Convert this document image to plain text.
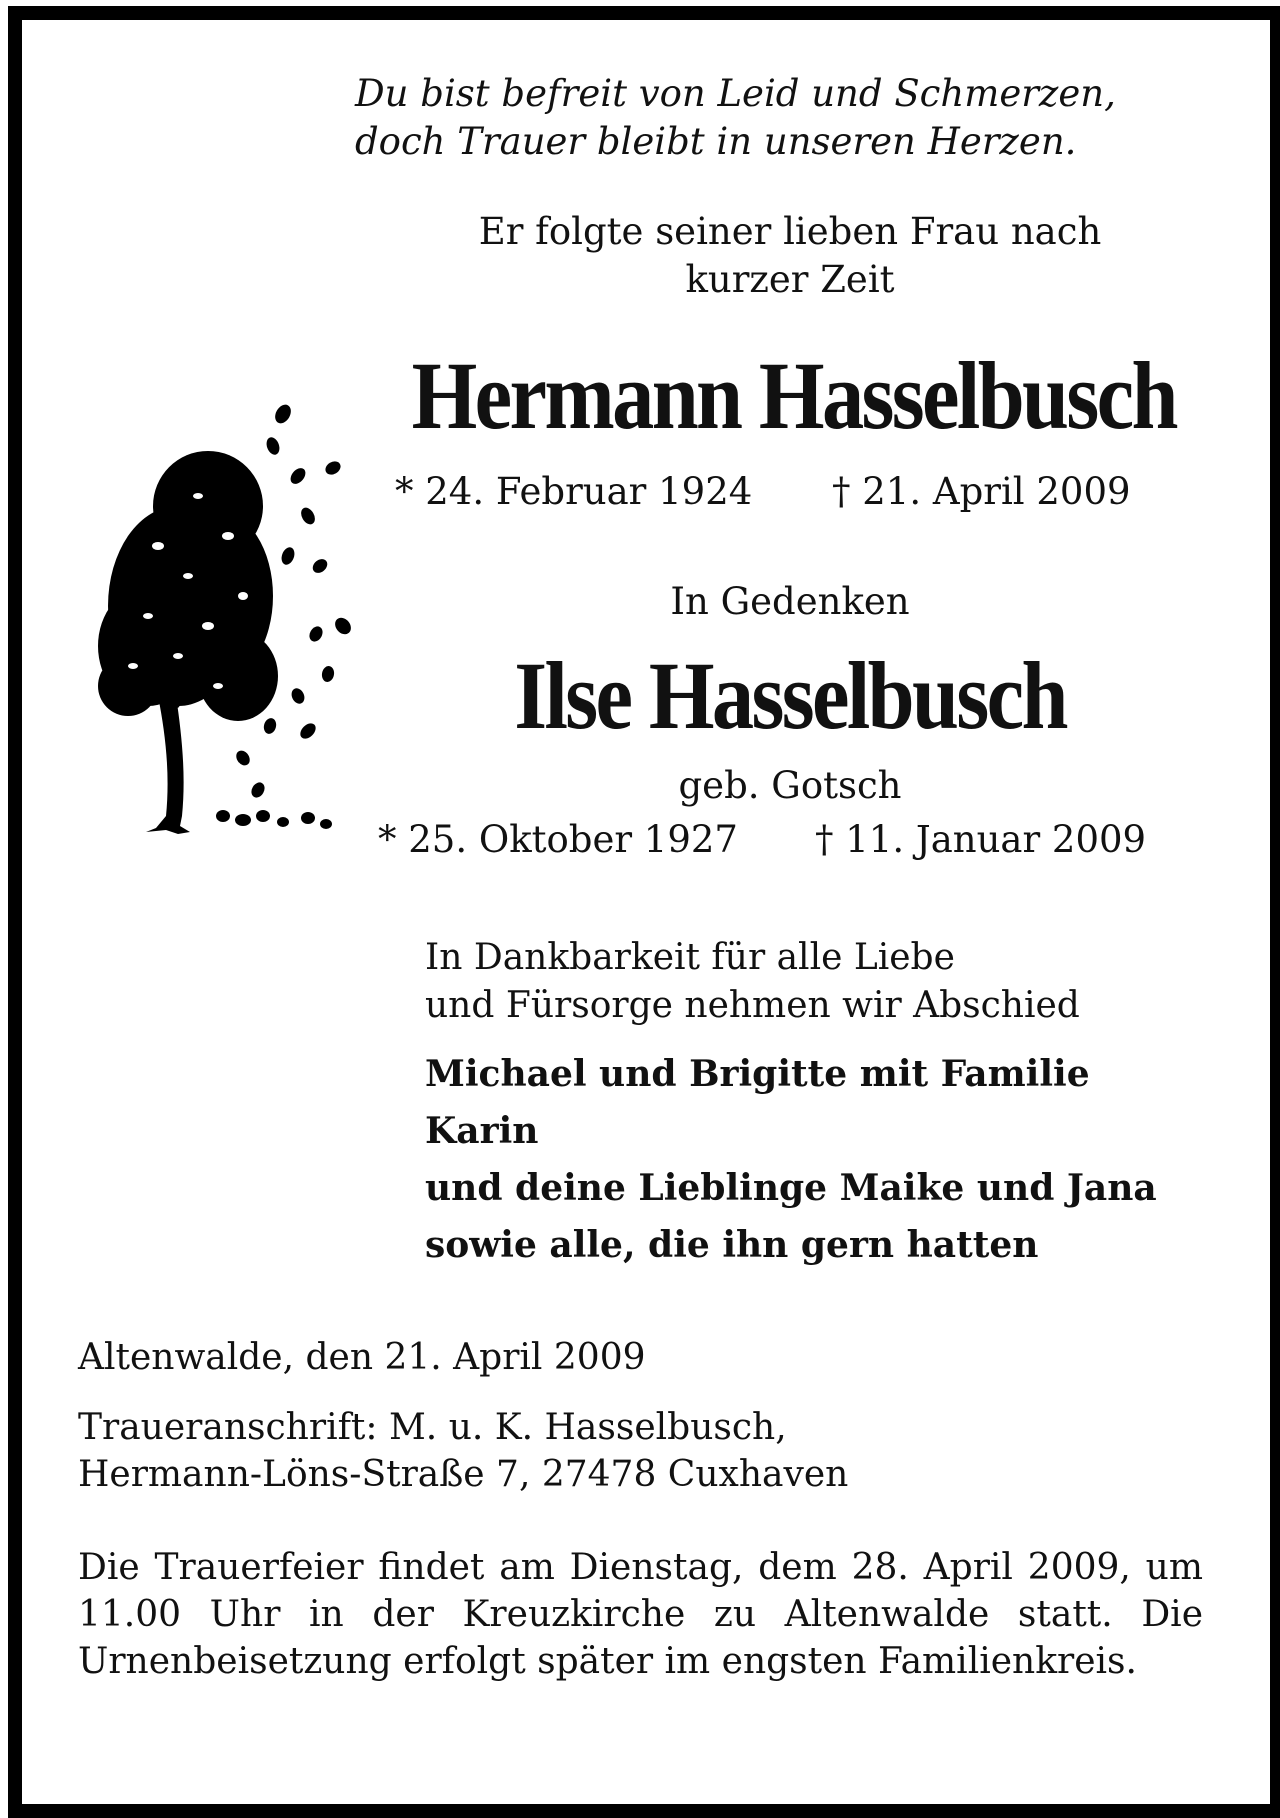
Du bist befreit von Leid und Schmerzen,
doch Trauer bleibt in unseren Herzen.
Er folgte seiner lieben Frau nach
kurzer Zeit
Hermann Hasselbusch
* 24. Februar 1924 † 21. April 2009
In Gedenken
Ilse Hasselbusch
geb. Gotsch
* 25. Oktober 1927 † 11. Januar 2009
In Dankbarkeit für alle Liebe
und Fürsorge nehmen wir Abschied
Michael und Brigitte mit Familie
Karin
und deine Lieblinge Maike und Jana
sowie alle, die ihn gern hatten
Altenwalde, den 21. April 2009
Traueranschrift: M. u. K. Hasselbusch,
Hermann-Löns-Straße 7, 27478 Cuxhaven
Die Trauerfeier findet am Dienstag, dem 28. April 2009, um 11.00 Uhr in der Kreuzkirche zu Altenwalde statt. Die Urnenbeisetzung erfolgt später im engsten Familienkreis.
